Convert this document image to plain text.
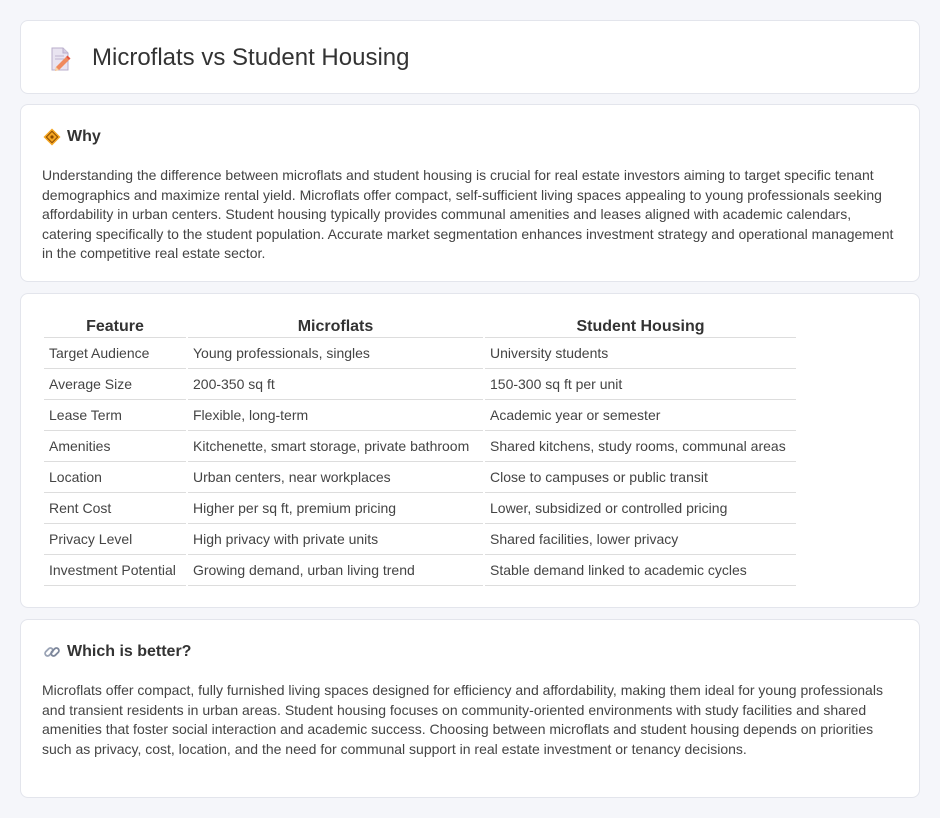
Microflats vs Student Housing
Why

Understanding the difference between microflats and student housing is crucial for real estate investors aiming to target specific tenant demographics and maximize rental yield. Microflats offer compact, self-sufficient living spaces appealing to young professionals seeking affordability in urban centers. Student housing typically provides communal amenities and leases aligned with academic calendars, catering specifically to the student population. Accurate market segmentation enhances investment strategy and operational management in the competitive real estate sector.

Feature	Microflats	Student Housing
Target Audience	Young professionals, singles	University students
Average Size	200-350 sq ft	150-300 sq ft per unit
Lease Term	Flexible, long-term	Academic year or semester
Amenities	Kitchenette, smart storage, private bathroom	Shared kitchens, study rooms, communal areas
Location	Urban centers, near workplaces	Close to campuses or public transit
Rent Cost	Higher per sq ft, premium pricing	Lower, subsidized or controlled pricing
Privacy Level	High privacy with private units	Shared facilities, lower privacy
Investment Potential	Growing demand, urban living trend	Stable demand linked to academic cycles
Which is better?

Microflats offer compact, fully furnished living spaces designed for efficiency and affordability, making them ideal for young professionals and transient residents in urban areas. Student housing focuses on community-oriented environments with study facilities and shared amenities that foster social interaction and academic success. Choosing between microflats and student housing depends on priorities such as privacy, cost, location, and the need for communal support in real estate investment or tenancy decisions.
